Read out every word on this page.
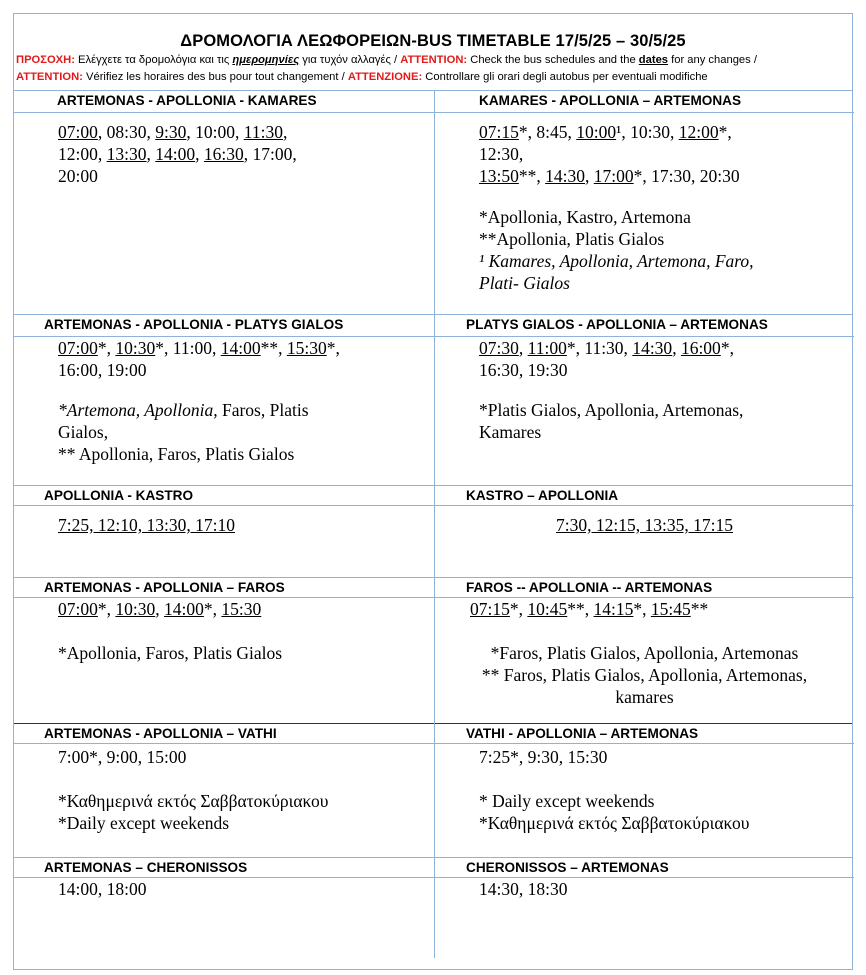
ΔΡΟΜΟΛΟΓΙΑ ΛΕΩΦΟΡΕΙΩΝ-BUS TIMETABLE 17/5/25 – 30/5/25
ΠΡΟΣΟΧΗ: Ελέγχετε τα δρομολόγια και τις ημερομηνίες για τυχόν αλλαγές / ATTENTION: Check the bus schedules and the dates for any changes /
ATTENTION: Vérifiez les horaires des bus pour tout changement / ATTENZIONE: Controllare gli orari degli autobus per eventuali modifiche
ARTEMONAS - APOLLONIA - KAMARES
07:00, 08:30, 9:30, 10:00, 11:30,
12:00, 13:30, 14:00, 16:30, 17:00,
20:00
KAMARES - APOLLONIA – ARTEMONAS
07:15*, 8:45, 10:00¹, 10:30, 12:00*,
12:30,
13:50**, 14:30, 17:00*, 17:30, 20:30
*Apollonia, Kastro, Artemona
**Apollonia, Platis Gialos
¹ Kamares, Apollonia, Artemona, Faro,
Plati- Gialos
ARTEMONAS - APOLLONIA - PLATYS GIALOS
07:00*, 10:30*, 11:00, 14:00**, 15:30*,
16:00, 19:00
*Artemona, Apollonia, Faros, Platis
Gialos,
** Apollonia, Faros, Platis Gialos
PLATYS GIALOS - APOLLONIA – ARTEMONAS
07:30, 11:00*, 11:30, 14:30, 16:00*,
16:30, 19:30
*Platis Gialos, Apollonia, Artemonas,
Kamares
APOLLONIA - KASTRO
7:25, 12:10, 13:30, 17:10
KASTRO – APOLLONIA
7:30, 12:15, 13:35, 17:15
ARTEMONAS - APOLLONIA – FAROS
07:00*, 10:30, 14:00*, 15:30
*Apollonia, Faros, Platis Gialos
FAROS -- APOLLONIA -- ARTEMONAS
07:15*, 10:45**, 14:15*, 15:45**
*Faros, Platis Gialos, Apollonia, Artemonas
** Faros, Platis Gialos, Apollonia, Artemonas,
kamares
ARTEMONAS - APOLLONIA – VATHI
7:00*, 9:00, 15:00
*Καθημερινά εκτός Σαββατοκύριακου
*Daily except weekends
VATHI - APOLLONIA – ARTEMONAS
7:25*, 9:30, 15:30
* Daily except weekends
*Καθημερινά εκτός Σαββατοκύριακου
ARTEMONAS – CHERONISSOS
14:00, 18:00
CHERONISSOS – ARTEMONAS
14:30, 18:30
